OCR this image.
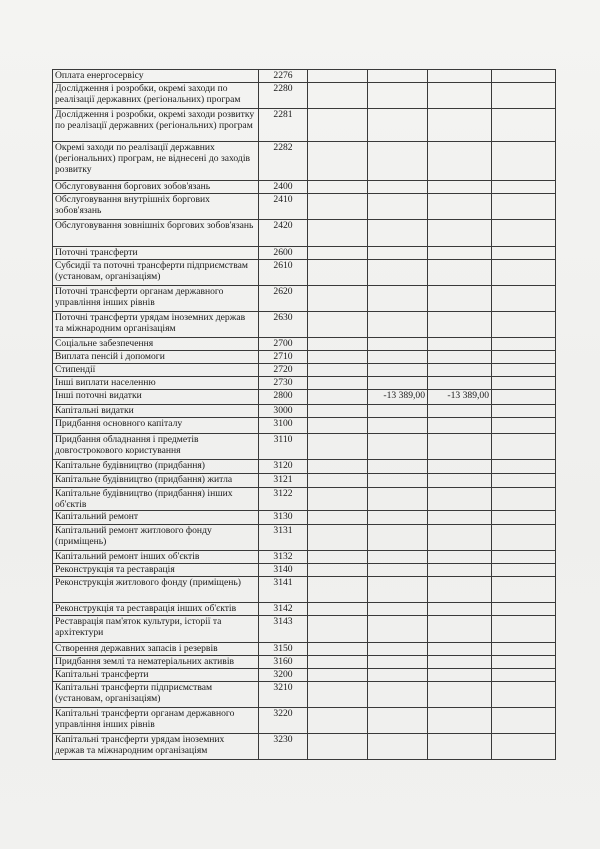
Оплата енергосервісу	2276				
Дослідження і розробки, окремі заходи по реалізації державних (регіональних) програм	2280				
Дослідження і розробки, окремі заходи розвитку по реалізації державних (регіональних) програм	2281				
Окремі заходи по реалізації державних (регіональних) програм, не віднесені до заходів розвитку	2282				
Обслуговування боргових зобов'язань	2400				
Обслуговування внутрішніх боргових зобов'язань	2410				
Обслуговування зовнішніх боргових зобов'язань	2420				
Поточні трансферти	2600				
Субсидії та поточні трансферти підприємствам (установам, організаціям)	2610				
Поточні трансферти органам державного управління інших рівнів	2620				
Поточні трансферти урядам іноземних держав та міжнародним організаціям	2630				
Соціальне забезпечення	2700				
Виплата пенсій і допомоги	2710				
Стипендії	2720				
Інші виплати населенню	2730				
Інші поточні видатки	2800		-13 389,00	-13 389,00	
Капітальні видатки	3000				
Придбання основного капіталу	3100				
Придбання обладнання і предметів довгострокового користування	3110				
Капітальне будівництво (придбання)	3120				
Капітальне будівництво (придбання) житла	3121				
Капітальне будівництво (придбання) інших об'єктів	3122				
Капітальний ремонт	3130				
Капітальний ремонт житлового фонду (приміщень)	3131				
Капітальний ремонт інших об'єктів	3132				
Реконструкція та реставрація	3140				
Реконструкція житлового фонду (приміщень)	3141				
Реконструкція та реставрація інших об'єктів	3142				
Реставрація пам'яток культури, історії та архітектури	3143				
Створення державних запасів і резервів	3150				
Придбання землі та нематеріальних активів	3160				
Капітальні трансферти	3200				
Капітальні трансферти підприємствам (установам, організаціям)	3210				
Капітальні трансферти органам державного управління інших рівнів	3220				
Капітальні трансферти урядам іноземних держав та міжнародним організаціям	3230				
